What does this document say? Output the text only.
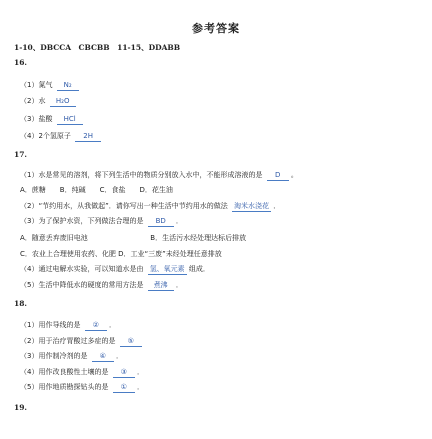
参考答案
1-10、DBCCA　CBCBB　11-15、DDABB
16.
（1）氮气 N₂
（2）水 H₂O
（3）盐酸 HCl
（4）2个氢原子 2H
17.
（1）水是常见的溶剂，将下列生活中的物质分别放入水中，不能形成溶液的是 D 。
A．蔗糖　　B．纯碱　　C．食盐　　D．花生油
（2）“节约用水，从我做起”．请你写出一种生活中节约用水的做法 淘米水浇花 ．
（3）为了保护水资，下列做法合理的是 BD ．
A．随意丢弃废旧电池	B．生活污水经处理达标后排放
C．农业上合理使用农药、化肥 D．工业“三废”未经处理任意排放
（4）通过电解水实验，可以知道水是由 氢、氧元素 组成．
（5）生活中降低水的硬度的常用方法是 煮沸 ．
18.
（1）用作导线的是 ② ．
（2）用于治疗胃酸过多症的是 ⑤
（3）用作制冷剂的是 ④ ．
（4）用作改良酸性土壤的是 ③ ．
（5）用作地质勘探钻头的是 ① ．
19.
